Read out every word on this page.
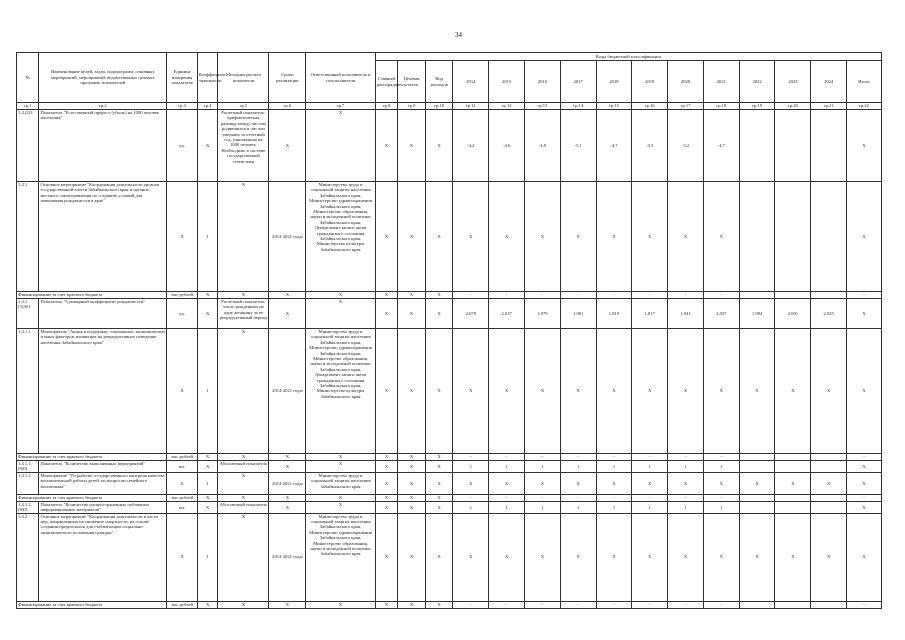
34
№	Наименование целей, задач, подпрограмм, основных мероприятий, мероприятий, ведомственных целевых программ, показателей	Единица измерения показателя	Коэффициент значимости	Методика расчета показателя	Сроки реализации	Ответственный исполнитель и соисполнители	Коды бюджетной классификации														
							Главный распорядитель	Целевая статья	Вид расходов	2014	2015	2016	2017	2018	2019	2020	2021	2022	2023	2024	Итого
гр.1	гр.2	гр.3	гр.4	гр.5	гр.6	гр.7	гр.8	гр.9	гр.10	гр.11	гр.12	гр.13	гр.14	гр.15	гр.16	гр.17	гр.18	гр.19	гр.20	гр.21	гр.22
1.4.(2)3	Показатель "Естественный прирост (убыль) на 1000 человек населения"	ед.	Х	Расчетный показатель: арифметическая разница между числом родившихся и числом умерших за отчетный год, умноженная на 1000 человек. Необходимо в системе государственной статистики	Х	Х	Х	Х	Х	-4,2	-4,6	-4,9	-5,1	-4,7	-3,5	-3,2	-4,7				Х
1.4.1	Основное мероприятие "Координация деятельности органов государственной власти Забайкальского края и органов местного самоуправления по созданию условий для повышения рождаемости в крае"	Х	1	Х	2014-2021 годы	Министерство труда и социальной защиты населения Забайкальского края, Министерство здравоохранения Забайкальского края, Министерство образования, науки и молодежной политики Забайкальского края, Департамент записи актов гражданского состояния Забайкальского края, Министерство культуры Забайкальского края	Х	Х	Х	Х	Х	Х	Х	Х	Х	Х	Х				Х
Финансирование за счет краевого бюджета		тыс.рублей	Х	Х	Х	Х	Х	Х	Х	-	-	-	-	-	-	-	-				-
1.4.1. (3)301	Показатель "Суммарный коэффициент рождаемости"	ед.	Х	Расчетный показатель: число рожденных на одну женщину за ее репродуктивный период	Х	Х	Х	Х	Х	2,079	2,037	1,979	1,901	1,819	1,817	1,941	2,037	1,984	2,001	2,025	Х
1.4.1.1	Мероприятие "Акция в поддержку социальных, экономических и иных факторов, влияющих на репродуктивное поведение населения Забайкальского края"	Х	1	Х	2014-2021 годы	Министерство труда и социальной защиты населения Забайкальского края, Министерство здравоохранения Забайкальского края, Министерство образования, науки и молодежной политики Забайкальского края, Департамент записи актов гражданского состояния Забайкальского края, Министерство культуры Забайкальского края	Х	Х	Х	Х	Х	Х	Х	Х	Х	Х	Х	Х	Х	Х	Х
Финансирование за счет краевого бюджета		тыс.рублей	Х	Х	Х	Х	Х	Х	Х	-	-	-	-	-	-	-	-				-
1.4.1.1. (8)01	Показатель "Количество выполненных мероприятий"	шт.	Х	Абсолютный показатель	Х	Х	Х	Х	Х	1	1	1	1	1	1	1	1				Х
1.4.1.2	Мероприятие "Устройство государственного контроля качества воспитательной работы детей, по вопросам семейного воспитания"	Х	1	Х	2014-2021 годы	Министерство труда и социальной защиты населения Забайкальского края	Х	Х	Х	Х	Х	Х	Х	Х	Х	Х	Х	Х	Х	Х	Х
Финансирование за счет краевого бюджета		тыс.рублей	Х	Х	Х	Х	Х	Х	Х	-	-	-	-	-	-	-	-				-
1.4.1.2. (8)01	Показатель "Количество распространенных публичных информационных материалов"	шт.	Х	Абсолютный показатель	Х	Х	Х	Х	Х	1	1	1	1	1	1	1	1				Х
1.4.2	Основное мероприятие "Координация деятельности в части мер, направленных на снижение смертности, на основе создания предпосылок для стабилизации социально-экономического положения граждан"	Х	1	Х	2014-2021 годы	Министерство труда и социальной защиты населения Забайкальского края, Министерство здравоохранения Забайкальского края, Министерство образования, науки и молодежной политики Забайкальского края	Х	Х	Х	Х	Х	Х	Х	Х	Х	Х	Х	Х	Х	Х	Х
Финансирование за счет краевого бюджета		тыс.рублей	Х	Х	Х	Х	Х	Х	Х	-	-	-	-	-	-	-	-				-
